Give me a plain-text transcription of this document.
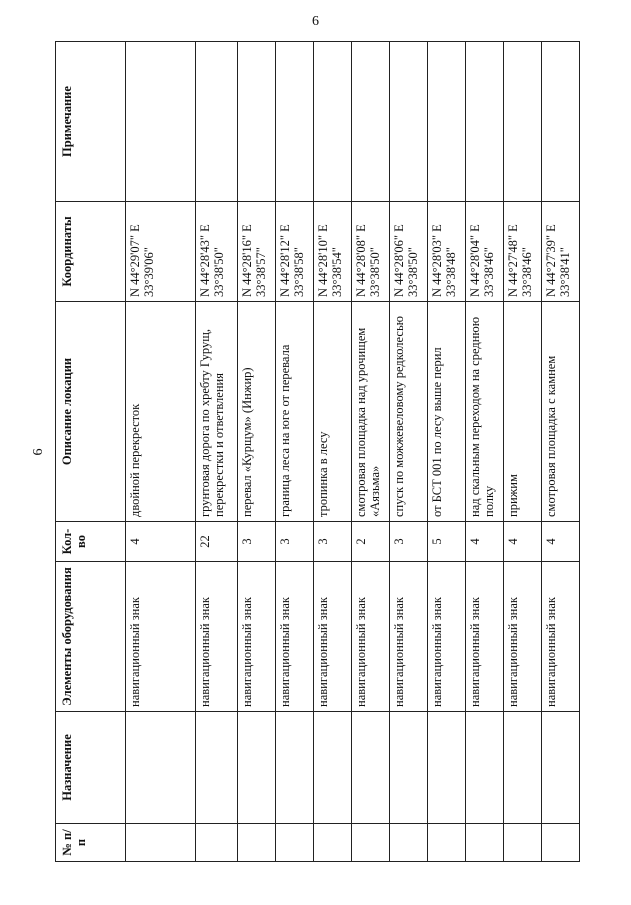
6
6
№ п/п	Назначение	Элементы оборудования	Кол-во	Описание локации	Координаты	Примечание
		навигационный знак	4	двойной перекресток	N 44°29'07" E 33°39'06"	
		навигационный знак	22	грунтовая дорога по хребту Гурущ, перекрестки и ответвления	N 44°28'43" E 33°38'50"	
		навигационный знак	3	перевал «Курщум» (Инжир)	N 44°28'16" E 33°38'57"	
		навигационный знак	3	граница леса на юге от перевала	N 44°28'12" E 33°38'58"	
		навигационный знак	3	тропинка в лесу	N 44°28'10" E 33°38'54"	
		навигационный знак	2	смотровая площадка над урочищем «Аязьма»	N 44°28'08" E 33°38'50"	
		навигационный знак	3	спуск по можжевеловому редколесью	N 44°28'06" E 33°38'50"	
		навигационный знак	5	от БСТ 001 по лесу выше перил	N 44°28'03" E 33°38'48"	
		навигационный знак	4	над скальным переходом на среднюю полку	N 44°28'04" E 33°38'46"	
		навигационный знак	4	прижим	N 44°27'48" E 33°38'46"	
		навигационный знак	4	смотровая площадка с камнем	N 44°27'39" E 33°38'41"	
